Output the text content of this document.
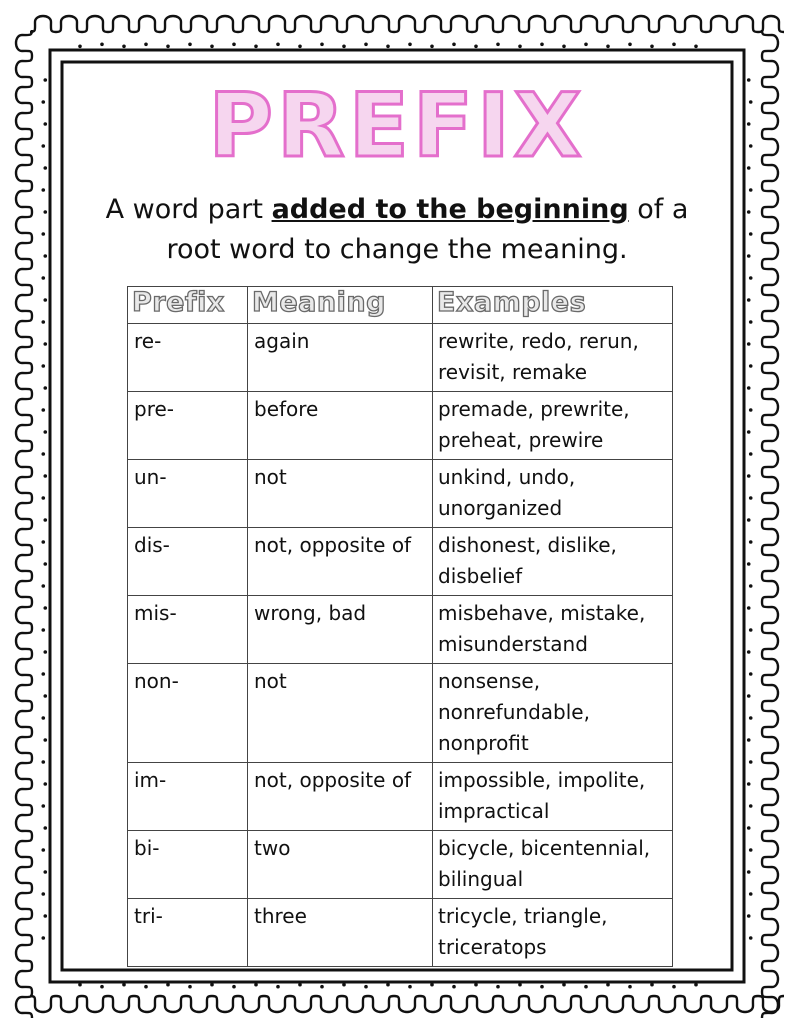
PREFIX
A word part added to the beginning of a root word to change the meaning.
Prefix	Meaning	Examples
re-	again	rewrite, redo, rerun, revisit, remake
pre-	before	premade, prewrite, preheat, prewire
un-	not	unkind, undo, unorganized
dis-	not, opposite of	dishonest, dislike, disbelief
mis-	wrong, bad	misbehave, mistake, misunderstand
non-	not	nonsense, nonrefundable, nonprofit
im-	not, opposite of	impossible, impolite, impractical
bi-	two	bicycle, bicentennial, bilingual
tri-	three	tricycle, triangle, triceratops
